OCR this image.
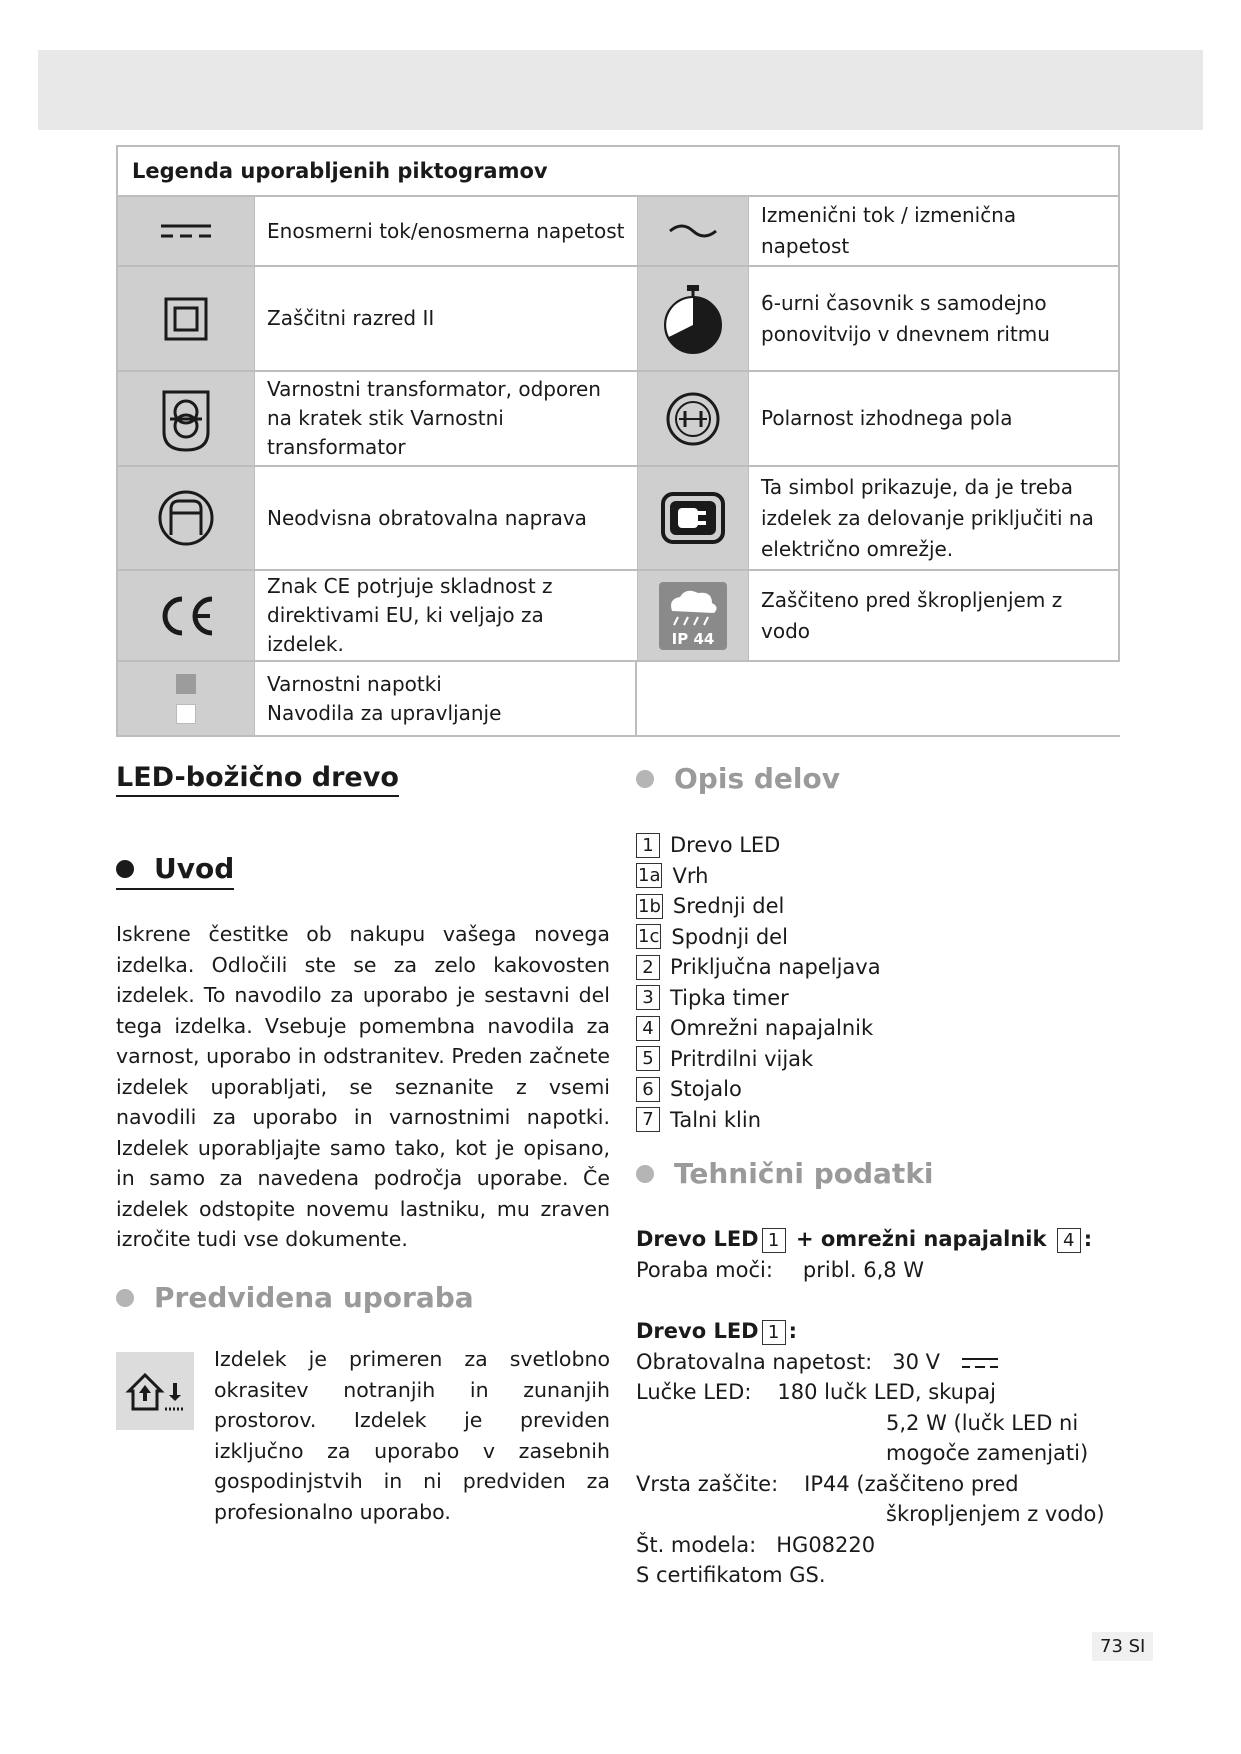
Legenda uporabljenih piktogramov
Enosmerni tok/enosmerna napetost
Izmenični tok / izmenična napetost
Zaščitni razred II
6-urni časovnik s samodejno ponovitvijo v dnevnem ritmu
Varnostni transformator, odporen na kratek stik Varnostni transformator
Polarnost izhodnega pola
Neodvisna obratovalna naprava
Ta simbol prikazuje, da je treba izdelek za delovanje priključiti na električno omrežje.
Znak CE potrjuje skladnost z direktivami EU, ki veljajo za izdelek.	IP 44
Zaščiteno pred škropljenjem z vodo
Varnostni napotki
Navodila za upravljanje
LED-božično drevo
Uvod
Iskrene čestitke ob nakupu vašega novega izdelka. Odločili ste se za zelo kakovosten izdelek. To navodilo za uporabo je sestavni del tega izdelka. Vsebuje pomembna navodila za varnost, uporabo in odstranitev. Preden začnete izdelek uporabljati, se seznanite z vsemi navodili za uporabo in varnostnimi napotki. Izdelek uporabljajte samo tako, kot je opisano, in samo za navedena področja uporabe. Če izdelek odstopite novemu lastniku, mu zraven izročite tudi vse dokumente.
Predvidena uporaba
Izdelek je primeren za svetlobno okrasitev notranjih in zunanjih prostorov. Izdelek je previden izključno za uporabo v zasebnih gospodinjstvih in ni predviden za profesionalno uporabo.
Opis delov
1 Drevo LED
1a Vrh
1b Srednji del
1c Spodnji del
2 Priključna napeljava
3 Tipka timer
4 Omrežni napajalnik
5 Pritrdilni vijak
6 Stojalo
7 Talni klin
Tehnični podatki
Drevo LED 1 + omrežni napajalnik 4 :
Poraba moči: pribl. 6,8 W
Drevo LED 1 :
Obratovalna napetost: 30 V
Lučke LED: 180 lučk LED, skupaj
5,2 W (lučk LED ni
mogoče zamenjati)
Vrsta zaščite: IP44 (zaščiteno pred
škropljenjem z vodo)
Št. modela: HG08220
S certifikatom GS.
73 SI
